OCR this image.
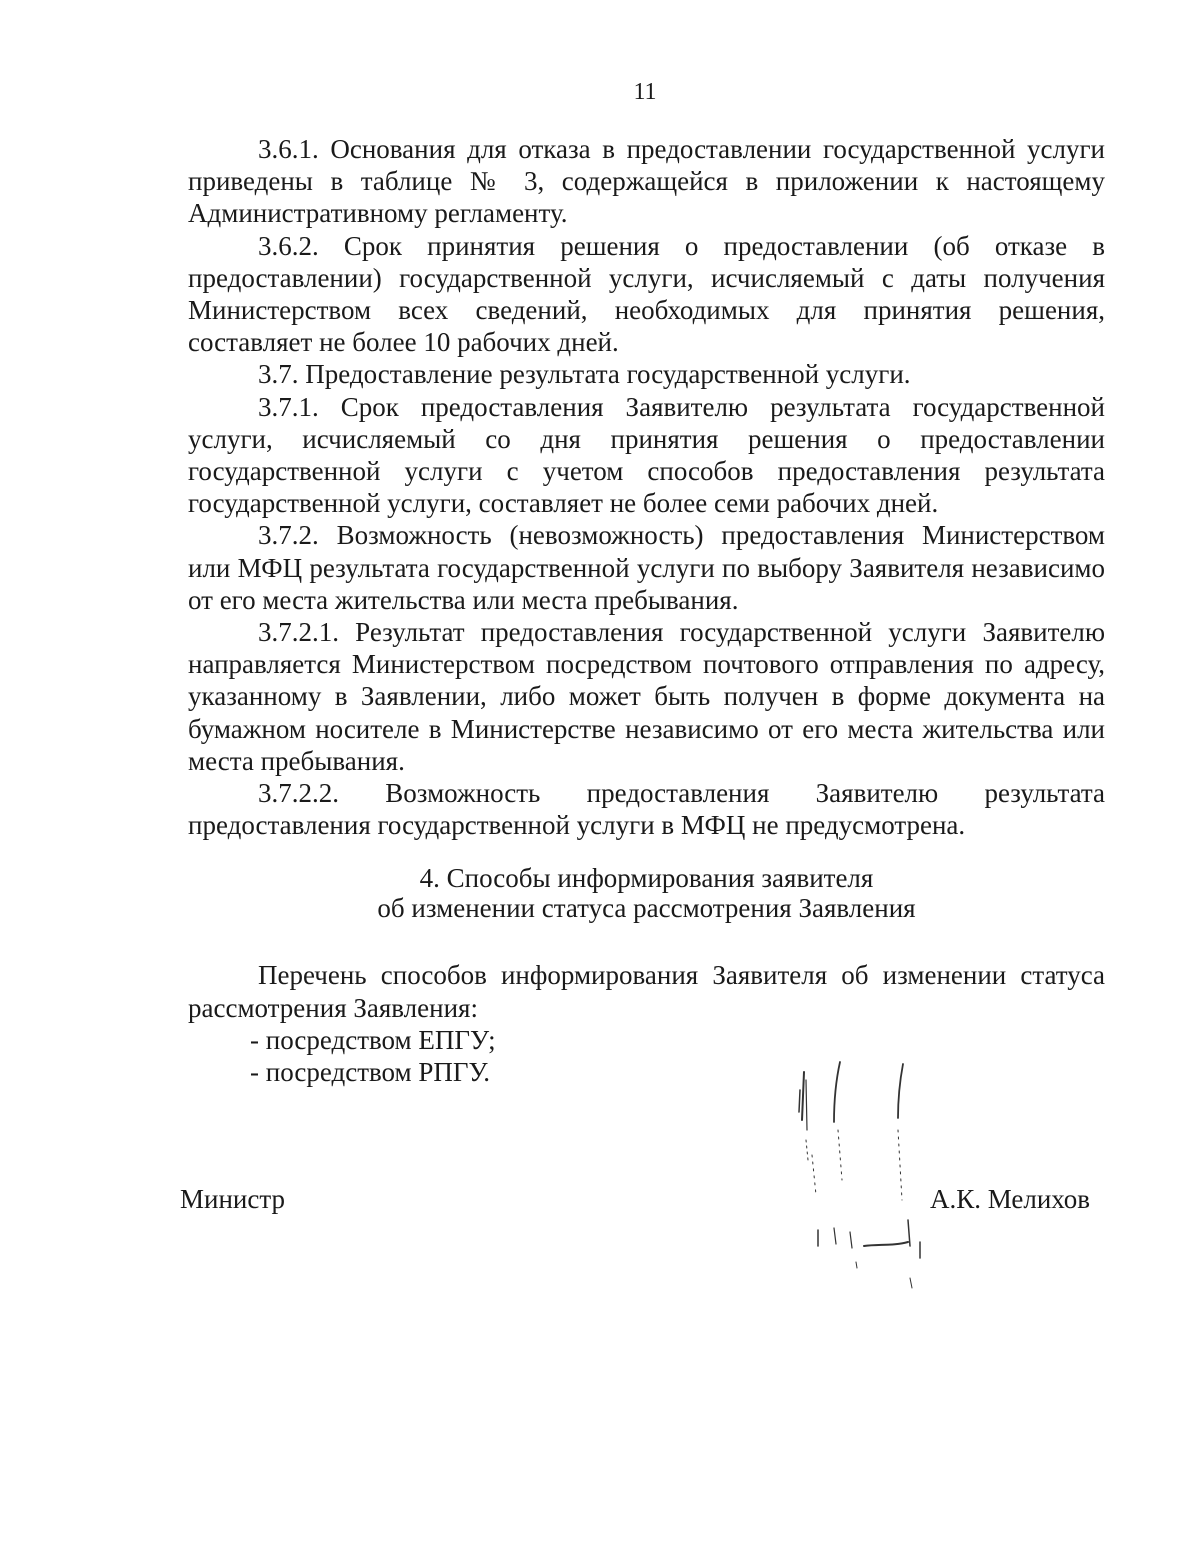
11

3.6.1. Основания для отказа в предоставлении государственной услуги приведены в таблице № 3, содержащейся в приложении к настоящему Административному регламенту.

3.6.2. Срок принятия решения о предоставлении (об отказе в предоставлении) государственной услуги, исчисляемый с даты получения Министерством всех сведений, необходимых для принятия решения, составляет не более 10 рабочих дней.

3.7. Предоставление результата государственной услуги.

3.7.1. Срок предоставления Заявителю результата государственной услуги, исчисляемый со дня принятия решения о предоставлении государственной услуги с учетом способов предоставления результата государственной услуги, составляет не более семи рабочих дней.

3.7.2. Возможность (невозможность) предоставления Министерством или МФЦ результата государственной услуги по выбору Заявителя независимо от его места жительства или места пребывания.

3.7.2.1. Результат предоставления государственной услуги Заявителю направляется Министерством посредством почтового отправления по адресу, указанному в Заявлении, либо может быть получен в форме документа на бумажном носителе в Министерстве независимо от его места жительства или места пребывания.

3.7.2.2. Возможность предоставления Заявителю результата предоставления государственной услуги в МФЦ не предусмотрена.

4. Способы информирования заявителя
об изменении статуса рассмотрения Заявления

Перечень способов информирования Заявителя об изменении статуса рассмотрения Заявления:

- посредством ЕПГУ;

- посредством РПГУ.

Министр	А.К. Мелихов
